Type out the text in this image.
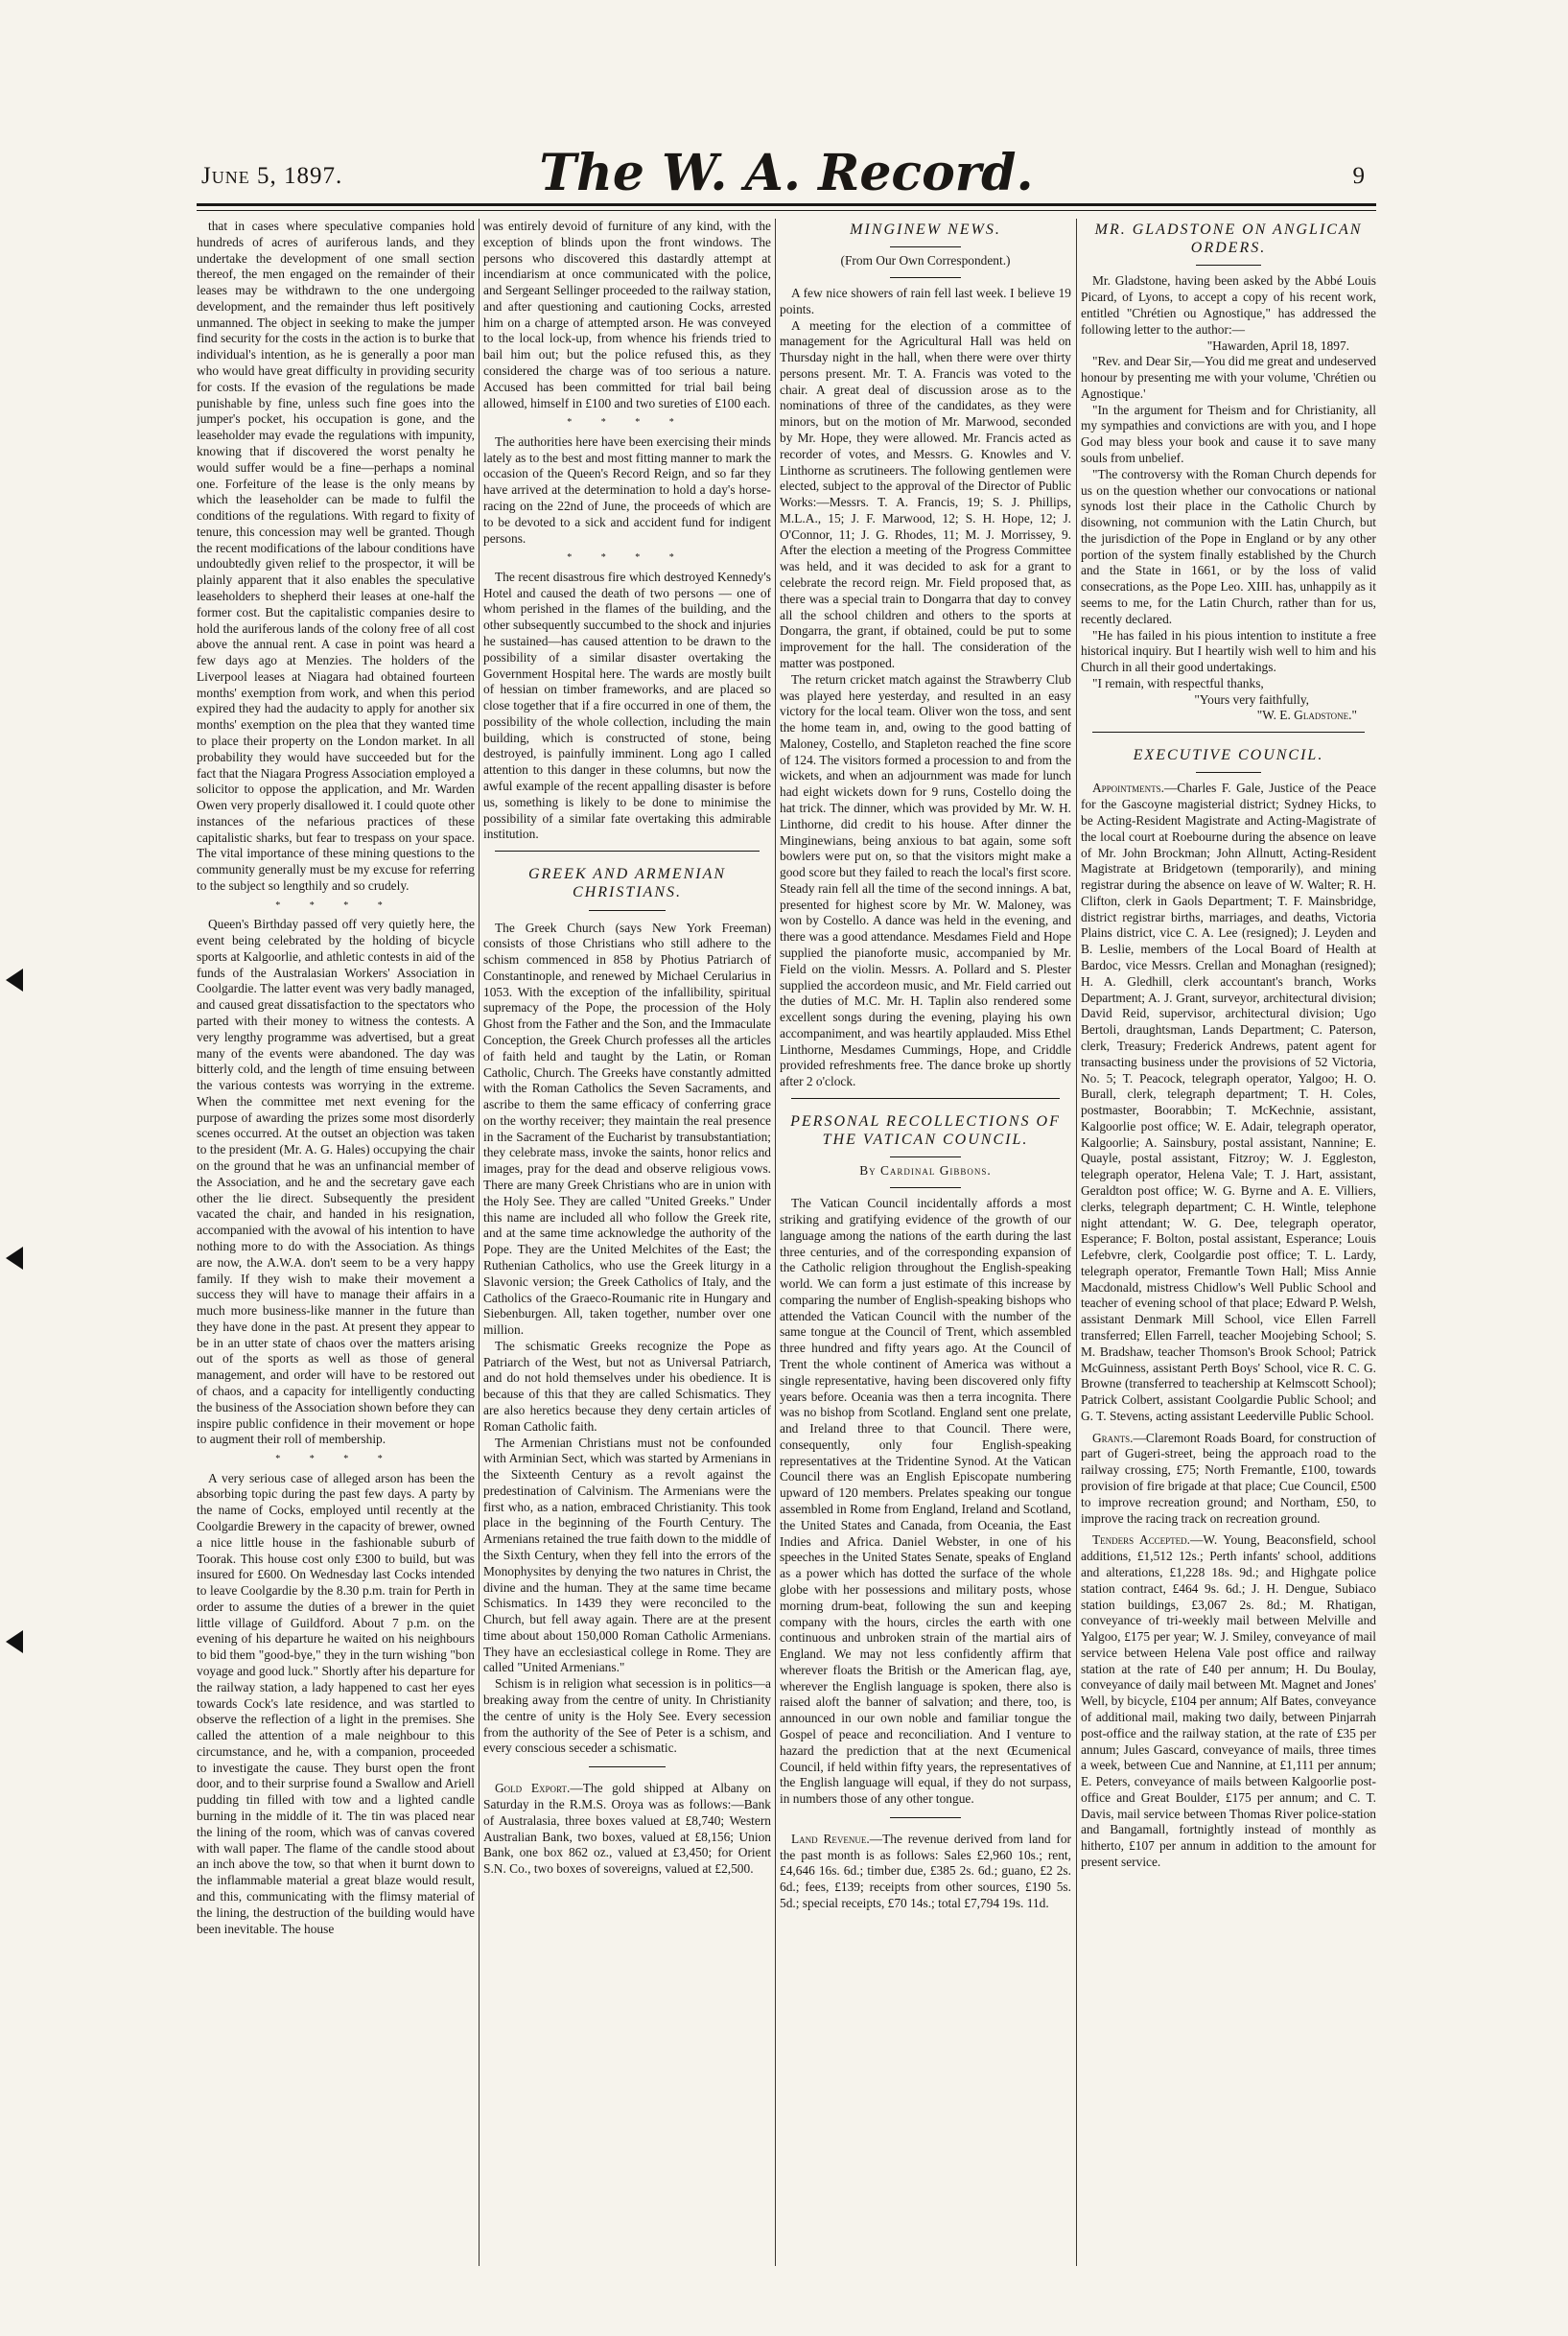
June 5, 1897.	The W. A. Record.	9

that in cases where speculative companies hold hundreds of acres of auriferous lands, and they undertake the development of one small section thereof, the men engaged on the remainder of their leases may be withdrawn to the one undergoing development, and the remainder thus left positively unmanned. The object in seeking to make the jumper find security for the costs in the action is to burke that individual's intention, as he is generally a poor man who would have great difficulty in providing security for costs. If the evasion of the regulations be made punishable by fine, unless such fine goes into the jumper's pocket, his occupation is gone, and the leaseholder may evade the regulations with impunity, knowing that if discovered the worst penalty he would suffer would be a fine—perhaps a nominal one. Forfeiture of the lease is the only means by which the leaseholder can be made to fulfil the conditions of the regulations. With regard to fixity of tenure, this concession may well be granted. Though the recent modifications of the labour conditions have undoubtedly given relief to the prospector, it will be plainly apparent that it also enables the speculative leaseholders to shepherd their leases at one-half the former cost. But the capitalistic companies desire to hold the auriferous lands of the colony free of all cost above the annual rent. A case in point was heard a few days ago at Menzies. The holders of the Liverpool leases at Niagara had obtained fourteen months' exemption from work, and when this period expired they had the audacity to apply for another six months' exemption on the plea that they wanted time to place their property on the London market. In all probability they would have succeeded but for the fact that the Niagara Progress Association employed a solicitor to oppose the application, and Mr. Warden Owen very properly disallowed it. I could quote other instances of the nefarious practices of these capitalistic sharks, but fear to trespass on your space. The vital importance of these mining questions to the community generally must be my excuse for referring to the subject so lengthily and so crudely.

* * * *

Queen's Birthday passed off very quietly here, the event being celebrated by the holding of bicycle sports at Kalgoorlie, and athletic contests in aid of the funds of the Australasian Workers' Association in Coolgardie. The latter event was very badly managed, and caused great dissatisfaction to the spectators who parted with their money to witness the contests. A very lengthy programme was advertised, but a great many of the events were abandoned. The day was bitterly cold, and the length of time ensuing between the various contests was worrying in the extreme. When the committee met next evening for the purpose of awarding the prizes some most disorderly scenes occurred. At the outset an objection was taken to the president (Mr. A. G. Hales) occupying the chair on the ground that he was an unfinancial member of the Association, and he and the secretary gave each other the lie direct. Subsequently the president vacated the chair, and handed in his resignation, accompanied with the avowal of his intention to have nothing more to do with the Association. As things are now, the A.W.A. don't seem to be a very happy family. If they wish to make their movement a success they will have to manage their affairs in a much more business-like manner in the future than they have done in the past. At present they appear to be in an utter state of chaos over the matters arising out of the sports as well as those of general management, and order will have to be restored out of chaos, and a capacity for intelligently conducting the business of the Association shown before they can inspire public confidence in their movement or hope to augment their roll of membership.

* * * *

A very serious case of alleged arson has been the absorbing topic during the past few days. A party by the name of Cocks, employed until recently at the Coolgardie Brewery in the capacity of brewer, owned a nice little house in the fashionable suburb of Toorak. This house cost only £300 to build, but was insured for £600. On Wednesday last Cocks intended to leave Coolgardie by the 8.30 p.m. train for Perth in order to assume the duties of a brewer in the quiet little village of Guildford. About 7 p.m. on the evening of his departure he waited on his neighbours to bid them "good-bye," they in the turn wishing "bon voyage and good luck." Shortly after his departure for the railway station, a lady happened to cast her eyes towards Cock's late residence, and was startled to observe the reflection of a light in the premises. She called the attention of a male neighbour to this circumstance, and he, with a companion, proceeded to investigate the cause. They burst open the front door, and to their surprise found a Swallow and Ariell pudding tin filled with tow and a lighted candle burning in the middle of it. The tin was placed near the lining of the room, which was of canvas covered with wall paper. The flame of the candle stood about an inch above the tow, so that when it burnt down to the inflammable material a great blaze would result, and this, communicating with the flimsy material of the lining, the destruction of the building would have been inevitable. The house

was entirely devoid of furniture of any kind, with the exception of blinds upon the front windows. The persons who discovered this dastardly attempt at incendiarism at once communicated with the police, and Sergeant Sellinger proceeded to the railway station, and after questioning and cautioning Cocks, arrested him on a charge of attempted arson. He was conveyed to the local lock-up, from whence his friends tried to bail him out; but the police refused this, as they considered the charge was of too serious a nature. Accused has been committed for trial bail being allowed, himself in £100 and two sureties of £100 each.

* * * *

The authorities here have been exercising their minds lately as to the best and most fitting manner to mark the occasion of the Queen's Record Reign, and so far they have arrived at the determination to hold a day's horse-racing on the 22nd of June, the proceeds of which are to be devoted to a sick and accident fund for indigent persons.

* * * *

The recent disastrous fire which destroyed Kennedy's Hotel and caused the death of two persons — one of whom perished in the flames of the building, and the other subsequently succumbed to the shock and injuries he sustained—has caused attention to be drawn to the possibility of a similar disaster overtaking the Government Hospital here. The wards are mostly built of hessian on timber frameworks, and are placed so close together that if a fire occurred in one of them, the possibility of the whole collection, including the main building, which is constructed of stone, being destroyed, is painfully imminent. Long ago I called attention to this danger in these columns, but now the awful example of the recent appalling disaster is before us, something is likely to be done to minimise the possibility of a similar fate overtaking this admirable institution.

GREEK AND ARMENIAN CHRISTIANS.

The Greek Church (says New York Freeman) consists of those Christians who still adhere to the schism commenced in 858 by Photius Patriarch of Constantinople, and renewed by Michael Cerularius in 1053. With the exception of the infallibility, spiritual supremacy of the Pope, the procession of the Holy Ghost from the Father and the Son, and the Immaculate Conception, the Greek Church professes all the articles of faith held and taught by the Latin, or Roman Catholic, Church. The Greeks have constantly admitted with the Roman Catholics the Seven Sacraments, and ascribe to them the same efficacy of conferring grace on the worthy receiver; they maintain the real presence in the Sacrament of the Eucharist by transubstantiation; they celebrate mass, invoke the saints, honor relics and images, pray for the dead and observe religious vows. There are many Greek Christians who are in union with the Holy See. They are called "United Greeks." Under this name are included all who follow the Greek rite, and at the same time acknowledge the authority of the Pope. They are the United Melchites of the East; the Ruthenian Catholics, who use the Greek liturgy in a Slavonic version; the Greek Catholics of Italy, and the Catholics of the Graeco-Roumanic rite in Hungary and Siebenburgen. All, taken together, number over one million.

The schismatic Greeks recognize the Pope as Patriarch of the West, but not as Universal Patriarch, and do not hold themselves under his obedience. It is because of this that they are called Schismatics. They are also heretics because they deny certain articles of Roman Catholic faith.

The Armenian Christians must not be confounded with Arminian Sect, which was started by Armenians in the Sixteenth Century as a revolt against the predestination of Calvinism. The Armenians were the first who, as a nation, embraced Christianity. This took place in the beginning of the Fourth Century. The Armenians retained the true faith down to the middle of the Sixth Century, when they fell into the errors of the Monophysites by denying the two natures in Christ, the divine and the human. They at the same time became Schismatics. In 1439 they were reconciled to the Church, but fell away again. There are at the present time about about 150,000 Roman Catholic Armenians. They have an ecclesiastical college in Rome. They are called "United Armenians."

Schism is in religion what secession is in politics—a breaking away from the centre of unity. In Christianity the centre of unity is the Holy See. Every secession from the authority of the See of Peter is a schism, and every conscious seceder a schismatic.

Gold Export.—The gold shipped at Albany on Saturday in the R.M.S. Oroya was as follows:—Bank of Australasia, three boxes valued at £8,740; Western Australian Bank, two boxes, valued at £8,156; Union Bank, one box 862 oz., valued at £3,450; for Orient S.N. Co., two boxes of sovereigns, valued at £2,500.

MINGINEW NEWS.
(From Our Own Correspondent.)

A few nice showers of rain fell last week. I believe 19 points.

A meeting for the election of a committee of management for the Agricultural Hall was held on Thursday night in the hall, when there were over thirty persons present. Mr. T. A. Francis was voted to the chair. A great deal of discussion arose as to the nominations of three of the candidates, as they were minors, but on the motion of Mr. Marwood, seconded by Mr. Hope, they were allowed. Mr. Francis acted as recorder of votes, and Messrs. G. Knowles and V. Linthorne as scrutineers. The following gentlemen were elected, subject to the approval of the Director of Public Works:—Messrs. T. A. Francis, 19; S. J. Phillips, M.L.A., 15; J. F. Marwood, 12; S. H. Hope, 12; J. O'Connor, 11; J. G. Rhodes, 11; M. J. Morrissey, 9. After the election a meeting of the Progress Committee was held, and it was decided to ask for a grant to celebrate the record reign. Mr. Field proposed that, as there was a special train to Dongarra that day to convey all the school children and others to the sports at Dongarra, the grant, if obtained, could be put to some improvement for the hall. The consideration of the matter was postponed.

The return cricket match against the Strawberry Club was played here yesterday, and resulted in an easy victory for the local team. Oliver won the toss, and sent the home team in, and, owing to the good batting of Maloney, Costello, and Stapleton reached the fine score of 124. The visitors formed a procession to and from the wickets, and when an adjournment was made for lunch had eight wickets down for 9 runs, Costello doing the hat trick. The dinner, which was provided by Mr. W. H. Linthorne, did credit to his house. After dinner the Minginewians, being anxious to bat again, some soft bowlers were put on, so that the visitors might make a good score but they failed to reach the local's first score. Steady rain fell all the time of the second innings. A bat, presented for highest score by Mr. W. Maloney, was won by Costello. A dance was held in the evening, and there was a good attendance. Mesdames Field and Hope supplied the pianoforte music, accompanied by Mr. Field on the violin. Messrs. A. Pollard and S. Plester supplied the accordeon music, and Mr. Field carried out the duties of M.C. Mr. H. Taplin also rendered some excellent songs during the evening, playing his own accompaniment, and was heartily applauded. Miss Ethel Linthorne, Mesdames Cummings, Hope, and Criddle provided refreshments free. The dance broke up shortly after 2 o'clock.

PERSONAL RECOLLECTIONS OF THE VATICAN COUNCIL.
By Cardinal Gibbons.

The Vatican Council incidentally affords a most striking and gratifying evidence of the growth of our language among the nations of the earth during the last three centuries, and of the corresponding expansion of the Catholic religion throughout the English-speaking world. We can form a just estimate of this increase by comparing the number of English-speaking bishops who attended the Vatican Council with the number of the same tongue at the Council of Trent, which assembled three hundred and fifty years ago. At the Council of Trent the whole continent of America was without a single representative, having been discovered only fifty years before. Oceania was then a terra incognita. There was no bishop from Scotland. England sent one prelate, and Ireland three to that Council. There were, consequently, only four English-speaking representatives at the Tridentine Synod. At the Vatican Council there was an English Episcopate numbering upward of 120 members. Prelates speaking our tongue assembled in Rome from England, Ireland and Scotland, the United States and Canada, from Oceania, the East Indies and Africa. Daniel Webster, in one of his speeches in the United States Senate, speaks of England as a power which has dotted the surface of the whole globe with her possessions and military posts, whose morning drum-beat, following the sun and keeping company with the hours, circles the earth with one continuous and unbroken strain of the martial airs of England. We may not less confidently affirm that wherever floats the British or the American flag, aye, wherever the English language is spoken, there also is raised aloft the banner of salvation; and there, too, is announced in our own noble and familiar tongue the Gospel of peace and reconciliation. And I venture to hazard the prediction that at the next Œcumenical Council, if held within fifty years, the representatives of the English language will equal, if they do not surpass, in numbers those of any other tongue.

Land Revenue.—The revenue derived from land for the past month is as follows: Sales £2,960 10s.; rent, £4,646 16s. 6d.; timber due, £385 2s. 6d.; guano, £2 2s. 6d.; fees, £139; receipts from other sources, £190 5s. 5d.; special receipts, £70 14s.; total £7,794 19s. 11d.

MR. GLADSTONE ON ANGLICAN ORDERS.

Mr. Gladstone, having been asked by the Abbé Louis Picard, of Lyons, to accept a copy of his recent work, entitled "Chrétien ou Agnostique," has addressed the following letter to the author:—

"Hawarden, April 18, 1897.

"Rev. and Dear Sir,—You did me great and undeserved honour by presenting me with your volume, 'Chrétien ou Agnostique.'

"In the argument for Theism and for Christianity, all my sympathies and convictions are with you, and I hope God may bless your book and cause it to save many souls from unbelief.

"The controversy with the Roman Church depends for us on the question whether our convocations or national synods lost their place in the Catholic Church by disowning, not communion with the Latin Church, but the jurisdiction of the Pope in England or by any other portion of the system finally established by the Church and the State in 1661, or by the loss of valid consecrations, as the Pope Leo. XIII. has, unhappily as it seems to me, for the Latin Church, rather than for us, recently declared.

"He has failed in his pious intention to institute a free historical inquiry. But I heartily wish well to him and his Church in all their good undertakings.

"I remain, with respectful thanks,

"Yours very faithfully,
"W. E. Gladstone."
EXECUTIVE COUNCIL.

Appointments.—Charles F. Gale, Justice of the Peace for the Gascoyne magisterial district; Sydney Hicks, to be Acting-Resident Magistrate and Acting-Magistrate of the local court at Roebourne during the absence on leave of Mr. John Brockman; John Allnutt, Acting-Resident Magistrate at Bridgetown (temporarily), and mining registrar during the absence on leave of W. Walter; R. H. Clifton, clerk in Gaols Department; T. F. Mainsbridge, district registrar births, marriages, and deaths, Victoria Plains district, vice C. A. Lee (resigned); J. Leyden and B. Leslie, members of the Local Board of Health at Bardoc, vice Messrs. Crellan and Monaghan (resigned); H. A. Gledhill, clerk accountant's branch, Works Department; A. J. Grant, surveyor, architectural division; David Reid, supervisor, architectural division; Ugo Bertoli, draughtsman, Lands Department; C. Paterson, clerk, Treasury; Frederick Andrews, patent agent for transacting business under the provisions of 52 Victoria, No. 5; T. Peacock, telegraph operator, Yalgoo; H. O. Burall, clerk, telegraph department; T. H. Coles, postmaster, Boorabbin; T. McKechnie, assistant, Kalgoorlie post office; W. E. Adair, telegraph operator, Kalgoorlie; A. Sainsbury, postal assistant, Nannine; E. Quayle, postal assistant, Fitzroy; W. J. Eggleston, telegraph operator, Helena Vale; T. J. Hart, assistant, Geraldton post office; W. G. Byrne and A. E. Villiers, clerks, telegraph department; C. H. Wintle, telephone night attendant; W. G. Dee, telegraph operator, Esperance; F. Bolton, postal assistant, Esperance; Louis Lefebvre, clerk, Coolgardie post office; T. L. Lardy, telegraph operator, Fremantle Town Hall; Miss Annie Macdonald, mistress Chidlow's Well Public School and teacher of evening school of that place; Edward P. Welsh, assistant Denmark Mill School, vice Ellen Farrell transferred; Ellen Farrell, teacher Moojebing School; S. M. Bradshaw, teacher Thomson's Brook School; Patrick McGuinness, assistant Perth Boys' School, vice R. C. G. Browne (transferred to teachership at Kelmscott School); Patrick Colbert, assistant Coolgardie Public School; and G. T. Stevens, acting assistant Leederville Public School.

Grants.—Claremont Roads Board, for construction of part of Gugeri-street, being the approach road to the railway crossing, £75; North Fremantle, £100, towards provision of fire brigade at that place; Cue Council, £500 to improve recreation ground; and Northam, £50, to improve the racing track on recreation ground.

Tenders Accepted.—W. Young, Beaconsfield, school additions, £1,512 12s.; Perth infants' school, additions and alterations, £1,228 18s. 9d.; and Highgate police station contract, £464 9s. 6d.; J. H. Dengue, Subiaco station buildings, £3,067 2s. 8d.; M. Rhatigan, conveyance of tri-weekly mail between Melville and Yalgoo, £175 per year; W. J. Smiley, conveyance of mail service between Helena Vale post office and railway station at the rate of £40 per annum; H. Du Boulay, conveyance of daily mail between Mt. Magnet and Jones' Well, by bicycle, £104 per annum; Alf Bates, conveyance of additional mail, making two daily, between Pinjarrah post-office and the railway station, at the rate of £35 per annum; Jules Gascard, conveyance of mails, three times a week, between Cue and Nannine, at £1,111 per annum; E. Peters, conveyance of mails between Kalgoorlie post-office and Great Boulder, £175 per annum; and C. T. Davis, mail service between Thomas River police-station and Bangamall, fortnightly instead of monthly as hitherto, £107 per annum in addition to the amount for present service.
